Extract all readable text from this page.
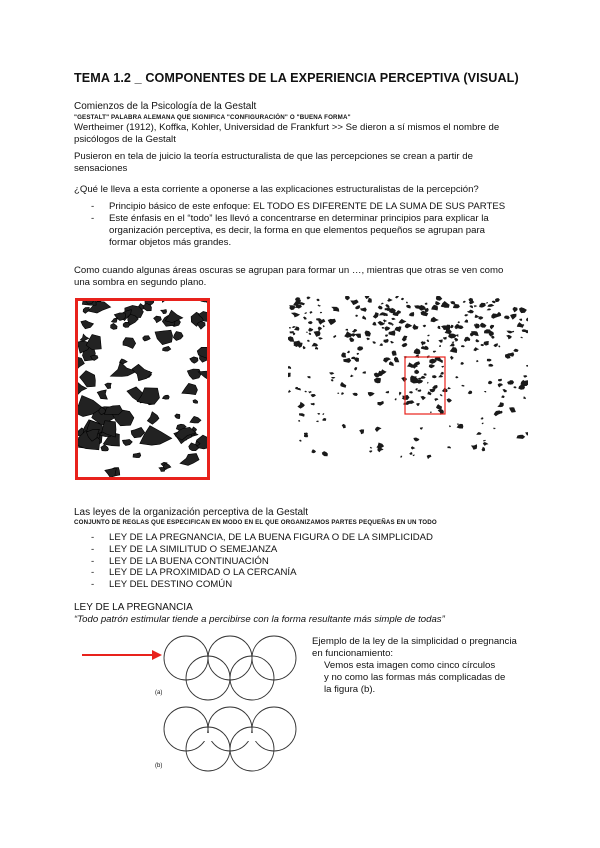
TEMA 1.2 _ COMPONENTES DE LA EXPERIENCIA PERCEPTIVA (VISUAL)
Comienzos de la Psicología de la Gestalt
"GESTALT" PALABRA ALEMANA QUE SIGNIFICA "CONFIGURACIÓN" O "BUENA FORMA"
Wertheimer (1912), Koffka, Kohler, Universidad de Frankfurt >> Se dieron a sí mismos el nombre de
psicólogos de la Gestalt
Pusieron en tela de juicio la teoría estructuralista de que las percepciones se crean a partir de
sensaciones
¿Qué le lleva a esta corriente a oponerse a las explicaciones estructuralistas de la percepción?
- Principio básico de este enfoque: EL TODO ES DIFERENTE DE LA SUMA DE SUS PARTES
- Este énfasis en el “todo” les llevó a concentrarse en determinar principios para explicar la
organización perceptiva, es decir, la forma en que elementos pequeños se agrupan para
formar objetos más grandes.
Como cuando algunas áreas oscuras se agrupan para formar un …, mientras que otras se ven como
una sombra en segundo plano.
Las leyes de la organización perceptiva de la Gestalt
CONJUNTO DE REGLAS QUE ESPECIFICAN EN MODO EN EL QUE ORGANIZAMOS PARTES PEQUEÑAS EN UN TODO
- LEY DE LA PREGNANCIA, DE LA BUENA FIGURA O DE LA SIMPLICIDAD
- LEY DE LA SIMILITUD O SEMEJANZA
- LEY DE LA BUENA CONTINUACIÓN
- LEY DE LA PROXIMIDAD O LA CERCANÍA
- LEY DEL DESTINO COMÚN
LEY DE LA PREGNANCIA
“Todo patrón estimular tiende a percibirse con la forma resultante más simple de todas”
(a)
(b)
Ejemplo de la ley de la simplicidad o pregnancia
en funcionamiento:
Vemos esta imagen como cinco círculos
y no como las formas más complicadas de
la figura (b).
